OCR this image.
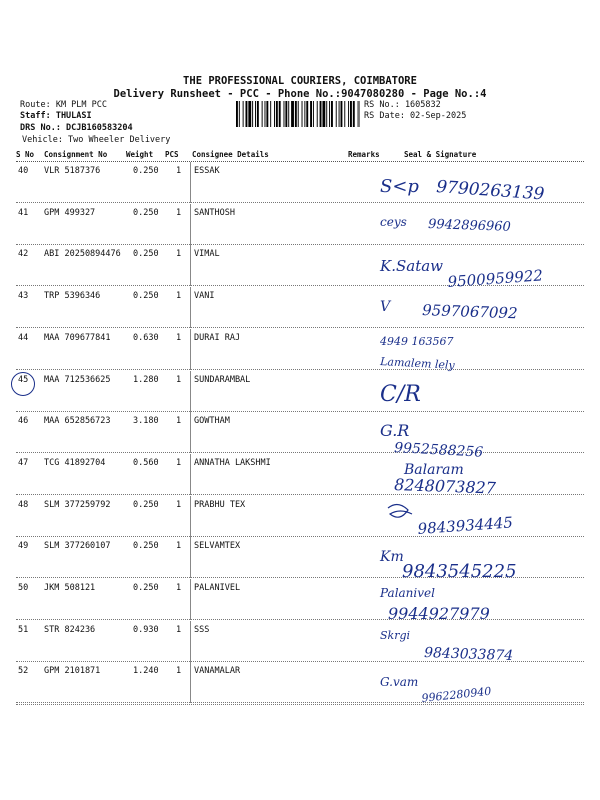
THE PROFESSIONAL COURIERS, COIMBATORE
Delivery Runsheet - PCC - Phone No.:9047080280 - Page No.:4
Route: KM PLM PCC
Staff: THULASI
DRS No.: DCJB160583204
Vehicle: Two Wheeler Delivery
RS No.: 1605832
RS Date: 02-Sep-2025
S No Consignment No	Weight PCS Consignee Details	Remarks	Seal & Signature
40 VLR 5187376	0.250 1 ESSAK
S<p 9790263139
41 GPM 499327	0.250 1 SANTHOSH
ceys 9942896960
42 ABI 20250894476 0.250 1 VIMAL
K.Sataw
9500959922
43 TRP 5396346	0.250 1 VANI
V 9597067092
44 MAA 709677841	0.630 1 DURAI RAJ	4949 163567
Lamalem lely
45 MAA 712536625	1.280 1 SUNDARAMBAL
C/R
46 MAA 652856723	3.180 1 GOWTHAM	G.R
9952588256
47 TCG 41892704	0.560 1 ANNATHA LAKSHMI	Balaram
8248073827
48 SLM 377259792	0.250 1 PRABHU TEX
9843934445
49 SLM 377260107	0.250 1 SELVAMTEX
Km
9843545225
50 JKM 508121	0.250 1 PALANIVEL	Palanivel
9944927979
51 STR 824236	0.930 1 SSS	Skrgi
9843033874
52 GPM 2101871	1.240 1 VANAMALAR
G.vam
9962280940
